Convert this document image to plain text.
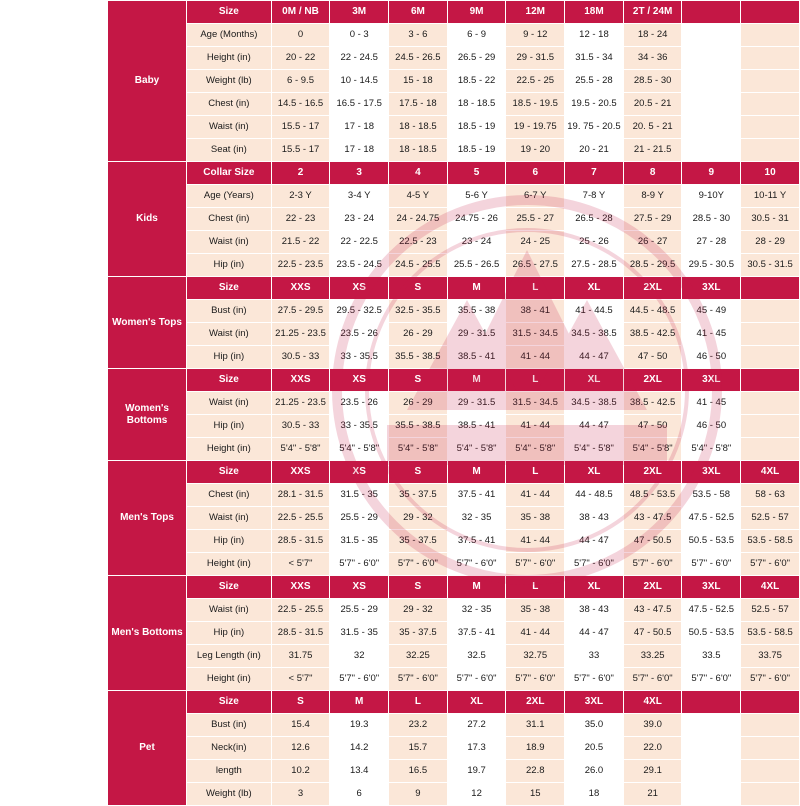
Baby	Size	0M / NB	3M	6M	9M	12M	18M	2T / 24M		
	Age (Months)	0	0 - 3	3 - 6	6 - 9	9 - 12	12 - 18	18 - 24		
	Height (in)	20 - 22	22 - 24.5	24.5 - 26.5	26.5 - 29	29 - 31.5	31.5 - 34	34 - 36		
	Weight (lb)	6 - 9.5	10 - 14.5	15 - 18	18.5 - 22	22.5 - 25	25.5 - 28	28.5 - 30		
	Chest (in)	14.5 - 16.5	16.5 - 17.5	17.5 - 18	18 - 18.5	18.5 - 19.5	19.5 - 20.5	20.5 - 21		
	Waist (in)	15.5 - 17	17 - 18	18 - 18.5	18.5 - 19	19 - 19.75	19. 75 - 20.5	20. 5 - 21		
	Seat (in)	15.5 - 17	17 - 18	18 - 18.5	18.5 - 19	19 - 20	20 - 21	21 - 21.5		
Kids	Collar Size	2	3	4	5	6	7	8	9	10
	Age (Years)	2-3 Y	3-4 Y	4-5 Y	5-6 Y	6-7 Y	7-8 Y	8-9 Y	9-10Y	10-11 Y
	Chest (in)	22 - 23	23 - 24	24 - 24.75	24.75 - 26	25.5 - 27	26.5 - 28	27.5 - 29	28.5 - 30	30.5 - 31
	Waist (in)	21.5 - 22	22 - 22.5	22.5 - 23	23 - 24	24 - 25	25 - 26	26 - 27	27 - 28	28 - 29
	Hip (in)	22.5 - 23.5	23.5 - 24.5	24.5 - 25.5	25.5 - 26.5	26.5 - 27.5	27.5 - 28.5	28.5 - 29.5	29.5 - 30.5	30.5 - 31.5
Women's Tops	Size	XXS	XS	S	M	L	XL	2XL	3XL	
	Bust (in)	27.5 - 29.5	29.5 - 32.5	32.5 - 35.5	35.5 - 38	38 - 41	41 - 44.5	44.5 - 48.5	45 - 49	
	Waist (in)	21.25 - 23.5	23.5 - 26	26 - 29	29 - 31.5	31.5 - 34.5	34.5 - 38.5	38.5 - 42.5	41 - 45	
	Hip (in)	30.5 - 33	33 - 35.5	35.5 - 38.5	38.5 - 41	41 - 44	44 - 47	47 - 50	46 - 50	
Women's Bottoms	Size	XXS	XS	S	M	L	XL	2XL	3XL	
	Waist (in)	21.25 - 23.5	23.5 - 26	26 - 29	29 - 31.5	31.5 - 34.5	34.5 - 38.5	38.5 - 42.5	41 - 45	
	Hip (in)	30.5 - 33	33 - 35.5	35.5 - 38.5	38.5 - 41	41 - 44	44 - 47	47 - 50	46 - 50	
	Height (in)	5'4" - 5'8"	5'4" - 5'8"	5'4" - 5'8"	5'4" - 5'8"	5'4" - 5'8"	5'4" - 5'8"	5'4" - 5'8"	5'4" - 5'8"	
Men's Tops	Size	XXS	XS	S	M	L	XL	2XL	3XL	4XL
	Chest (in)	28.1 - 31.5	31.5 - 35	35 - 37.5	37.5 - 41	41 - 44	44 - 48.5	48.5 - 53.5	53.5 - 58	58 - 63
	Waist (in)	22.5 - 25.5	25.5 - 29	29 - 32	32 - 35	35 - 38	38 - 43	43 - 47.5	47.5 - 52.5	52.5 - 57
	Hip (in)	28.5 - 31.5	31.5 - 35	35 - 37.5	37.5 - 41	41 - 44	44 - 47	47 - 50.5	50.5 - 53.5	53.5 - 58.5
	Height (in)	< 5'7"	5'7" - 6'0"	5'7" - 6'0"	5'7" - 6'0"	5'7" - 6'0"	5'7" - 6'0"	5'7" - 6'0"	5'7" - 6'0"	5'7" - 6'0"
Men's Bottoms	Size	XXS	XS	S	M	L	XL	2XL	3XL	4XL
	Waist (in)	22.5 - 25.5	25.5 - 29	29 - 32	32 - 35	35 - 38	38 - 43	43 - 47.5	47.5 - 52.5	52.5 - 57
	Hip (in)	28.5 - 31.5	31.5 - 35	35 - 37.5	37.5 - 41	41 - 44	44 - 47	47 - 50.5	50.5 - 53.5	53.5 - 58.5
	Leg Length (in)	31.75	32	32.25	32.5	32.75	33	33.25	33.5	33.75
	Height (in)	< 5'7"	5'7" - 6'0"	5'7" - 6'0"	5'7" - 6'0"	5'7" - 6'0"	5'7" - 6'0"	5'7" - 6'0"	5'7" - 6'0"	5'7" - 6'0"
Pet	Size	S	M	L	XL	2XL	3XL	4XL		
	Bust (in)	15.4	19.3	23.2	27.2	31.1	35.0	39.0		
	Neck(in)	12.6	14.2	15.7	17.3	18.9	20.5	22.0		
	length	10.2	13.4	16.5	19.7	22.8	26.0	29.1		
	Weight (lb)	3	6	9	12	15	18	21		
